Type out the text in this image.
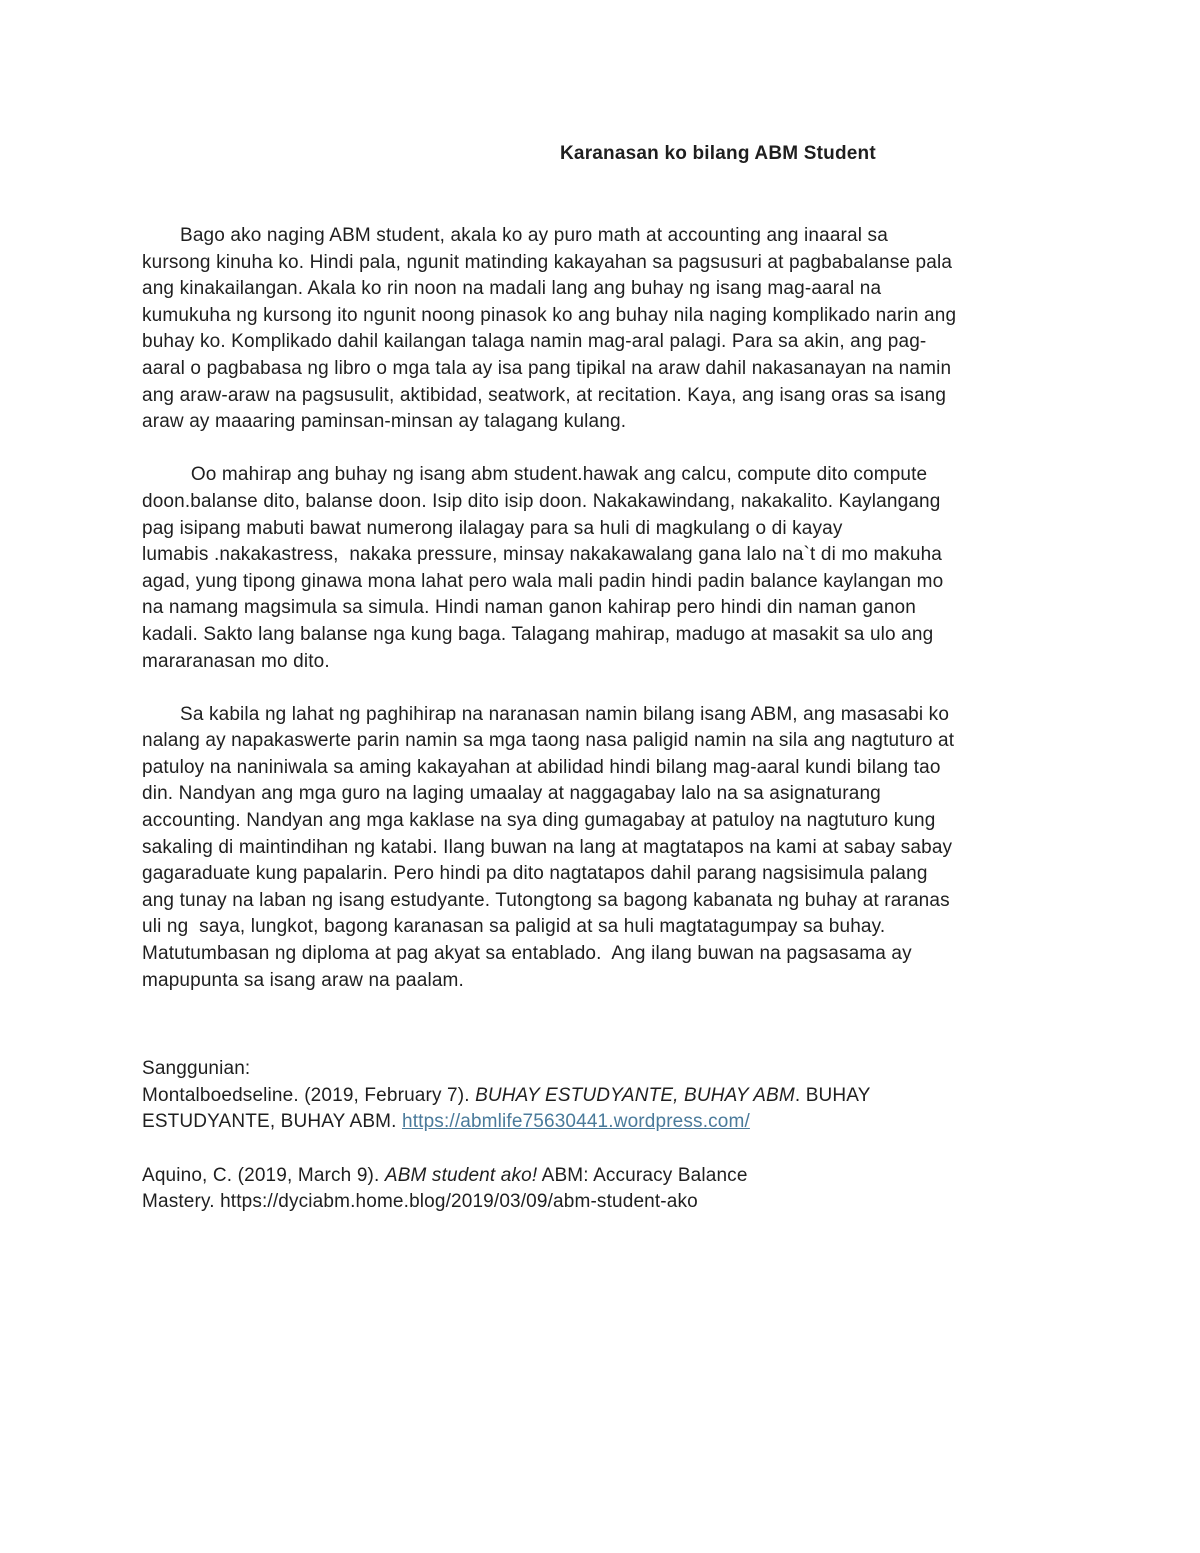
Karanasan ko bilang ABM Student
Bago ako naging ABM student, akala ko ay puro math at accounting ang inaaral sa
kursong kinuha ko. Hindi pala, ngunit matinding kakayahan sa pagsusuri at pagbabalanse pala
ang kinakailangan. Akala ko rin noon na madali lang ang buhay ng isang mag-aaral na
kumukuha ng kursong ito ngunit noong pinasok ko ang buhay nila naging komplikado narin ang
buhay ko. Komplikado dahil kailangan talaga namin mag-aral palagi. Para sa akin, ang pag-
aaral o pagbabasa ng libro o mga tala ay isa pang tipikal na araw dahil nakasanayan na namin
ang araw-araw na pagsusulit, aktibidad, seatwork, at recitation. Kaya, ang isang oras sa isang
araw ay maaaring paminsan-minsan ay talagang kulang.
Oo mahirap ang buhay ng isang abm student.hawak ang calcu, compute dito compute
doon.balanse dito, balanse doon. Isip dito isip doon. Nakakawindang, nakakalito. Kaylangang
pag isipang mabuti bawat numerong ilalagay para sa huli di magkulang o di kayay
lumabis .nakakastress,  nakaka pressure, minsay nakakawalang gana lalo na`t di mo makuha
agad, yung tipong ginawa mona lahat pero wala mali padin hindi padin balance kaylangan mo
na namang magsimula sa simula. Hindi naman ganon kahirap pero hindi din naman ganon
kadali. Sakto lang balanse nga kung baga. Talagang mahirap, madugo at masakit sa ulo ang
mararanasan mo dito.
Sa kabila ng lahat ng paghihirap na naranasan namin bilang isang ABM, ang masasabi ko
nalang ay napakaswerte parin namin sa mga taong nasa paligid namin na sila ang nagtuturo at
patuloy na naniniwala sa aming kakayahan at abilidad hindi bilang mag-aaral kundi bilang tao
din. Nandyan ang mga guro na laging umaalay at naggagabay lalo na sa asignaturang
accounting. Nandyan ang mga kaklase na sya ding gumagabay at patuloy na nagtuturo kung
sakaling di maintindihan ng katabi. Ilang buwan na lang at magtatapos na kami at sabay sabay
gagaraduate kung papalarin. Pero hindi pa dito nagtatapos dahil parang nagsisimula palang
ang tunay na laban ng isang estudyante. Tutongtong sa bagong kabanata ng buhay at raranas
uli ng  saya, lungkot, bagong karanasan sa paligid at sa huli magtatagumpay sa buhay.
Matutumbasan ng diploma at pag akyat sa entablado.  Ang ilang buwan na pagsasama ay
mapupunta sa isang araw na paalam.
Sanggunian:
Montalboedseline. (2019, February 7). BUHAY ESTUDYANTE, BUHAY ABM. BUHAY
ESTUDYANTE, BUHAY ABM. https://abmlife75630441.wordpress.com/
Aquino, C. (2019, March 9). ABM student ako! ABM: Accuracy Balance
Mastery. https://dyciabm.home.blog/2019/03/09/abm-student-ako
